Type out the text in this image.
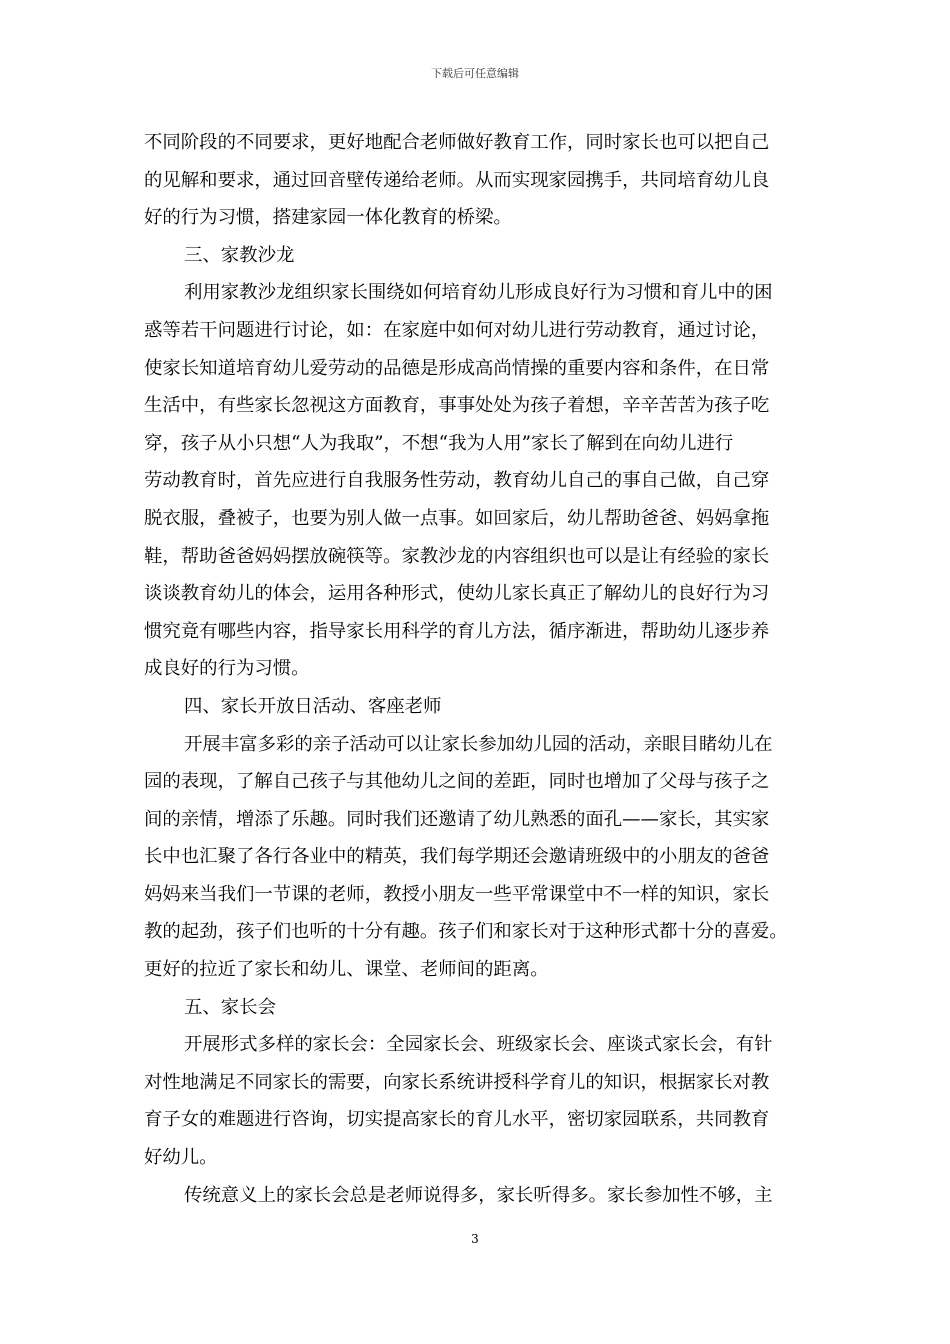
下载后可任意编辑
不同阶段的不同要求，更好地配合老师做好教育工作，同时家长也可以把自己
的见解和要求，通过回音壁传递给老师。从而实现家园携手，共同培育幼儿良
好的行为习惯，搭建家园一体化教育的桥梁。
三、家教沙龙
利用家教沙龙组织家长围绕如何培育幼儿形成良好行为习惯和育儿中的困
惑等若干问题进行讨论，如：在家庭中如何对幼儿进行劳动教育，通过讨论，
使家长知道培育幼儿爱劳动的品德是形成高尚情操的重要内容和条件，在日常
生活中，有些家长忽视这方面教育，事事处处为孩子着想，辛辛苦苦为孩子吃
穿，孩子从小只想“人为我取”，不想“我为人用”家长了解到在向幼儿进行
劳动教育时，首先应进行自我服务性劳动，教育幼儿自己的事自己做，自己穿
脱衣服，叠被子，也要为别人做一点事。如回家后，幼儿帮助爸爸、妈妈拿拖
鞋，帮助爸爸妈妈摆放碗筷等。家教沙龙的内容组织也可以是让有经验的家长
谈谈教育幼儿的体会，运用各种形式，使幼儿家长真正了解幼儿的良好行为习
惯究竟有哪些内容，指导家长用科学的育儿方法，循序渐进，帮助幼儿逐步养
成良好的行为习惯。
四、家长开放日活动、客座老师
开展丰富多彩的亲子活动可以让家长参加幼儿园的活动，亲眼目睹幼儿在
园的表现，了解自己孩子与其他幼儿之间的差距，同时也增加了父母与孩子之
间的亲情，增添了乐趣。同时我们还邀请了幼儿熟悉的面孔——家长，其实家
长中也汇聚了各行各业中的精英，我们每学期还会邀请班级中的小朋友的爸爸
妈妈来当我们一节课的老师，教授小朋友一些平常课堂中不一样的知识，家长
教的起劲，孩子们也听的十分有趣。孩子们和家长对于这种形式都十分的喜爱。
更好的拉近了家长和幼儿、课堂、老师间的距离。
五、家长会
开展形式多样的家长会：全园家长会、班级家长会、座谈式家长会，有针
对性地满足不同家长的需要，向家长系统讲授科学育儿的知识，根据家长对教
育子女的难题进行咨询，切实提高家长的育儿水平，密切家园联系，共同教育
好幼儿。
传统意义上的家长会总是老师说得多，家长听得多。家长参加性不够，主
3
